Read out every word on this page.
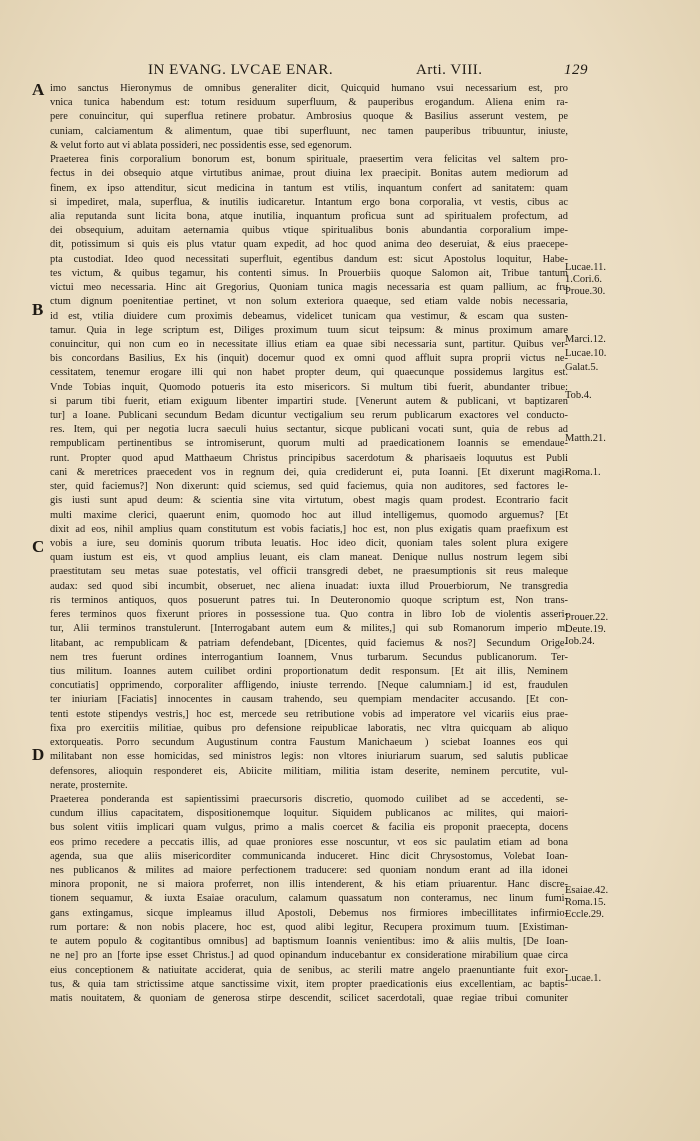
IN EVANG. LVCAE ENAR.	Arti. VIII.	129
A
B
C
D
imo sanctus Hieronymus de omnibus generaliter dicit, Quicquid humano vsui necessarium est, pro
vnica tunica habendum est: totum residuum superfluum, & pauperibus erogandum. Aliena enim ra-
pere conuincitur, qui superflua retinere probatur. Ambrosius quoque & Basilius asserunt vestem, pe
cuniam, calciamentum & alimentum, quae tibi superfluunt, nec tamen pauperibus tribuuntur, iniuste,
& velut forto aut vi ablata possideri, nec possidentis esse, sed egenorum.
Praeterea finis corporalium bonorum est, bonum spirituale, praesertim vera felicitas vel saltem pro-
fectus in dei obsequio atque virtutibus animae, prout diuina lex praecipit. Bonitas autem mediorum ad
finem, ex ipso attenditur, sicut medicina in tantum est vtilis, inquantum confert ad sanitatem: quam
si impediret, mala, superflua, & inutilis iudicaretur. Intantum ergo bona corporalia, vt vestis, cibus ac
alia reputanda sunt licita bona, atque inutilia, inquantum proficua sunt ad spiritualem profectum, ad
dei obsequium, aduitam aeternamia quibus vtique spiritualibus bonis abundantia corporalium impe-
dit, potissimum si quis eis plus vtatur quam expedit, ad hoc quod anima deo deseruiat, & eius praecepe-
pta custodiat. Ideo quod necessitati superfluit, egentibus dandum est: sicut Apostolus loquitur, Habe-
tes victum, & quibus tegamur, his contenti simus. In Prouerbiis quoque Salomon ait, Tribue tantum
victui meo necessaria. Hinc ait Gregorius, Quoniam tunica magis necessaria est quam pallium, ac fru
ctum dignum poenitentiae pertinet, vt non solum exteriora quaeque, sed etiam valde nobis necessaria,
id est, vtilia diuidere cum proximis debeamus, videlicet tunicam qua vestimur, & escam qua susten-
tamur. Quia in lege scriptum est, Diliges proximum tuum sicut teipsum: & minus proximum amare
conuincitur, qui non cum eo in necessitate illius etiam ea quae sibi necessaria sunt, partitur. Quibus ver-
bis concordans Basilius, Ex his (inquit) docemur quod ex omni quod affluit supra proprii victus ne-
cessitatem, tenemur erogare illi qui non habet propter deum, qui quaecunque possidemus largitus est.
Vnde Tobias inquit, Quomodo potueris ita esto misericors. Si multum tibi fuerit, abundanter tribue:
si parum tibi fuerit, etiam exiguum libenter impartiri stude. [Venerunt autem & publicani, vt baptizaren
tur] a Ioane. Publicani secundum Bedam dicuntur vectigalium seu rerum publicarum exactores vel conducto-
res. Item, qui per negotia lucra saeculi huius sectantur, sicque publicani vocati sunt, quia de rebus ad
rempublicam pertinentibus se intromiserunt, quorum multi ad praedicationem Ioannis se emendaue-
runt. Propter quod apud Matthaeum Christus principibus sacerdotum & pharisaeis loquutus est Publi
cani & meretrices praecedent vos in regnum dei, quia crediderunt ei, puta Ioanni. [Et dixerunt magi-
ster, quid faciemus?] Non dixerunt: quid sciemus, sed quid faciemus, quia non auditores, sed factores le-
gis iusti sunt apud deum: & scientia sine vita virtutum, obest magis quam prodest. Econtrario facit
multi maxime clerici, quaerunt enim, quomodo hoc aut illud intelligemus, quomodo arguemus? [Et
dixit ad eos, nihil amplius quam constitutum est vobis faciatis,] hoc est, non plus exigatis quam praefixum est
vobis a iure, seu dominis quorum tributa leuatis. Hoc ideo dicit, quoniam tales solent plura exigere
quam iustum est eis, vt quod amplius leuant, eis clam maneat. Denique nullus nostrum legem sibi
praestitutam seu metas suae potestatis, vel officii transgredi debet, ne praesumptionis sit reus maleque
audax: sed quod sibi incumbit, obseruet, nec aliena inuadat: iuxta illud Prouerbiorum, Ne transgredia
ris terminos antiquos, quos posuerunt patres tui. In Deuteronomio quoque scriptum est, Non trans-
feres terminos quos fixerunt priores in possessione tua. Quo contra in libro Iob de violentis asseri-
tur, Alii terminos transtulerunt. [Interrogabant autem eum & milites,] qui sub Romanorum imperio mi
litabant, ac rempublicam & patriam defendebant, [Dicentes, quid faciemus & nos?] Secundum Orige-
nem tres fuerunt ordines interrogantium Ioannem, Vnus turbarum. Secundus publicanorum. Ter-
tius militum. Ioannes autem cuilibet ordini proportionatum dedit responsum. [Et ait illis, Neminem
concutiatis] opprimendo, corporaliter affligendo, iniuste terrendo. [Neque calumniam.] id est, fraudulen
ter iniuriam [Faciatis] innocentes in causam trahendo, seu quempiam mendaciter accusando. [Et con-
tenti estote stipendys vestris,] hoc est, mercede seu retributione vobis ad imperatore vel vicariis eius prae-
fixa pro exercitiis militiae, quibus pro defensione reipublicae laboratis, nec vltra quicquam ab aliquo
extorqueatis. Porro secundum Augustinum contra Faustum Manichaeum ) sciebat Ioannes eos qui
militabant non esse homicidas, sed ministros legis: non vltores iniuriarum suarum, sed salutis publicae
defensores, alioquin responderet eis, Abiicite militiam, militia istam deserite, neminem percutite, vul-
nerate, prosternite.
Praeterea ponderanda est sapientissimi praecursoris discretio, quomodo cuilibet ad se accedenti, se-
cundum illius capacitatem, dispositionemque loquitur. Siquidem publicanos ac milites, qui maiori-
bus solent vitiis implicari quam vulgus, primo a malis coercet & facilia eis proponit praecepta, docens
eos primo recedere a peccatis illis, ad quae proniores esse noscuntur, vt eos sic paulatim etiam ad bona
agenda, sua que aliis misericorditer communicanda induceret. Hinc dicit Chrysostomus, Volebat Ioan-
nes publicanos & milites ad maiore perfectionem traducere: sed quoniam nondum erant ad illa idonei
minora proponit, ne si maiora proferret, non illis intenderent, & his etiam priuarentur. Hanc discre-
tionem sequamur, & iuxta Esaiae oraculum, calamum quassatum non conteramus, nec linum fumi-
gans extingamus, sicque impleamus illud Apostoli, Debemus nos firmiores imbecillitates infirmio-
rum portare: & non nobis placere, hoc est, quod alibi legitur, Recupera proximum tuum. [Existiman-
te autem populo & cogitantibus omnibus] ad baptismum Ioannis venientibus: imo & aliis multis, [De Ioan-
ne ne] pro an [forte ipse esset Christus.] ad quod opinandum inducebantur ex consideratione mirabilium quae circa
eius conceptionem & natiuitate acciderat, quia de senibus, ac sterili matre angelo praenuntiante fuit exor-
tus, & quia tam strictissime atque sanctissime vixit, item propter praedicationis eius excellentiam, ac baptis-
matis nouitatem, & quoniam de generosa stirpe descendit, scilicet sacerdotali, quae regiae tribui comuniter
Lucae.11.
1.Cori.6.
Proue.30.
Marci.12.
Lucae.10.
Galat.5.
Tob.4.
Matth.21.
Roma.1.
Prouer.22.
Deute.19.
Iob.24.
Esaiae.42.
Roma.15.
Eccle.29.
Lucae.1.
